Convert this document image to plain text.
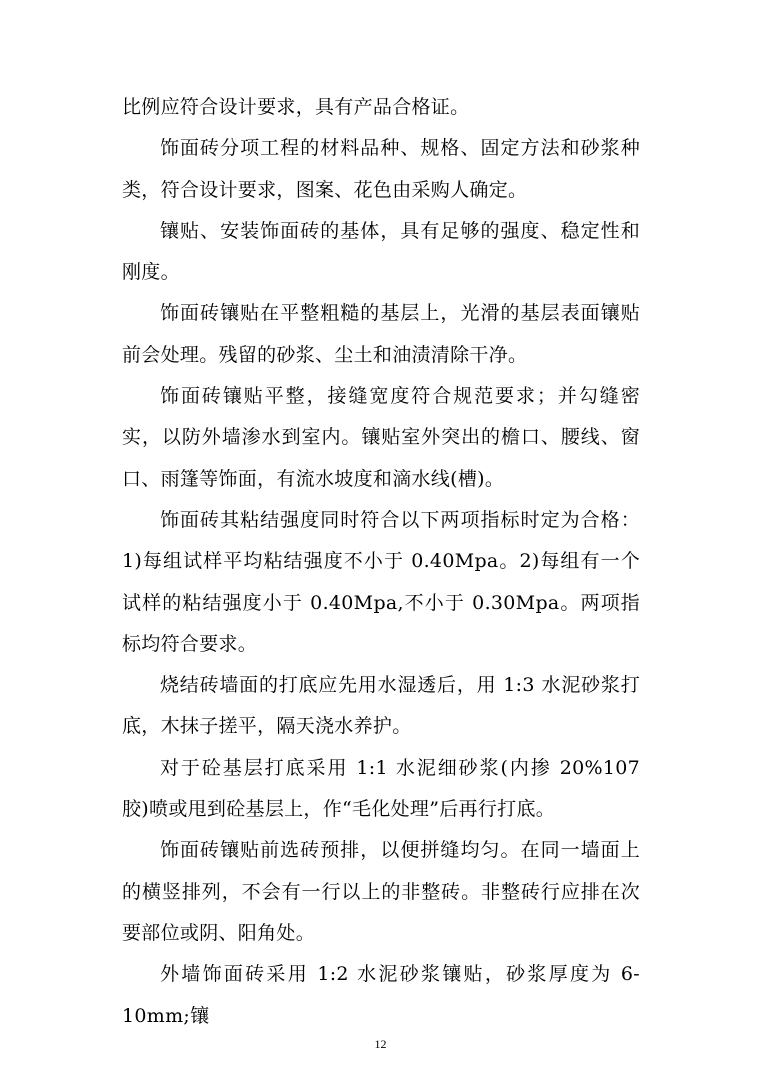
比例应符合设计要求，具有产品合格证。

饰面砖分项工程的材料品种、规格、固定方法和砂浆种类，符合设计要求，图案、花色由采购人确定。

镶贴、安装饰面砖的基体，具有足够的强度、稳定性和刚度。

饰面砖镶贴在平整粗糙的基层上，光滑的基层表面镶贴前会处理。残留的砂浆、尘土和油渍清除干净。

饰面砖镶贴平整，接缝宽度符合规范要求；并勾缝密实，以防外墙渗水到室内。镶贴室外突出的檐口、腰线、窗口、雨篷等饰面，有流水坡度和滴水线(槽)。

饰面砖其粘结强度同时符合以下两项指标时定为合格：1)每组试样平均粘结强度不小于 0.40Mpa。2)每组有一个试样的粘结强度小于 0.40Mpa,不小于 0.30Mpa。两项指标均符合要求。

烧结砖墙面的打底应先用水湿透后，用 1:3 水泥砂浆打底，木抹子搓平，隔天浇水养护。

对于砼基层打底采用 1:1 水泥细砂浆(内掺 20%107 胶)喷或甩到砼基层上，作“毛化处理”后再行打底。

饰面砖镶贴前选砖预排，以便拼缝均匀。在同一墙面上的横竖排列，不会有一行以上的非整砖。非整砖行应排在次要部位或阴、阳角处。

外墙饰面砖采用 1:2 水泥砂浆镶贴，砂浆厚度为 6-10mm;镶

12
